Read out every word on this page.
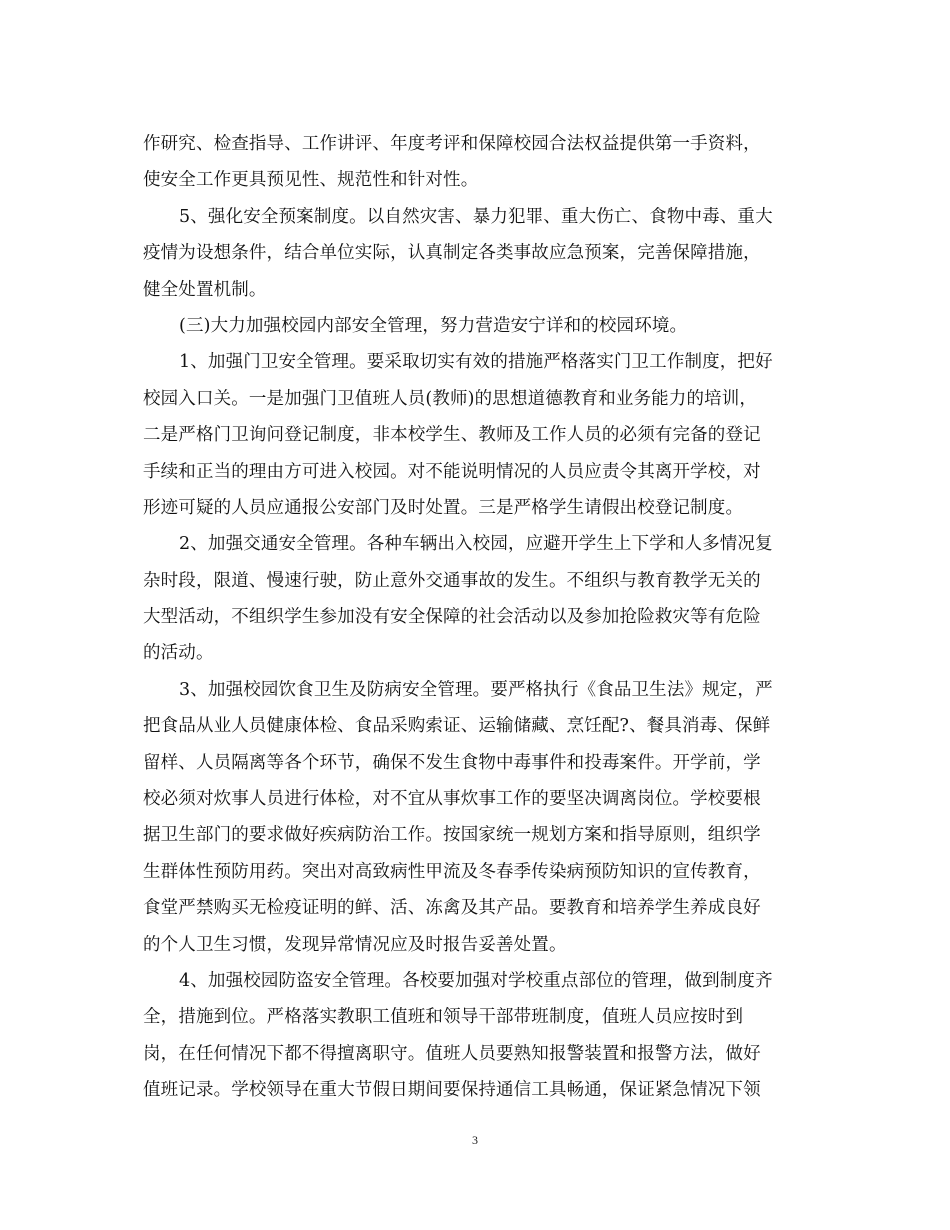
作研究、检查指导、工作讲评、年度考评和保障校园合法权益提供第一手资料，
使安全工作更具预见性、规范性和针对性。
5、强化安全预案制度。以自然灾害、暴力犯罪、重大伤亡、食物中毒、重大
疫情为设想条件，结合单位实际，认真制定各类事故应急预案，完善保障措施，
健全处置机制。
(三)大力加强校园内部安全管理，努力营造安宁详和的校园环境。
1、加强门卫安全管理。要采取切实有效的措施严格落实门卫工作制度，把好
校园入口关。一是加强门卫值班人员(教师)的思想道德教育和业务能力的培训，
二是严格门卫询问登记制度，非本校学生、教师及工作人员的必须有完备的登记
手续和正当的理由方可进入校园。对不能说明情况的人员应责令其离开学校，对
形迹可疑的人员应通报公安部门及时处置。三是严格学生请假出校登记制度。
2、加强交通安全管理。各种车辆出入校园，应避开学生上下学和人多情况复
杂时段，限道、慢速行驶，防止意外交通事故的发生。不组织与教育教学无关的
大型活动，不组织学生参加没有安全保障的社会活动以及参加抢险救灾等有危险
的活动。
3、加强校园饮食卫生及防病安全管理。要严格执行《食品卫生法》规定，严
把食品从业人员健康体检、食品采购索证、运输储藏、烹饪配?、餐具消毒、保鲜
留样、人员隔离等各个环节，确保不发生食物中毒事件和投毒案件。开学前，学
校必须对炊事人员进行体检，对不宜从事炊事工作的要坚决调离岗位。学校要根
据卫生部门的要求做好疾病防治工作。按国家统一规划方案和指导原则，组织学
生群体性预防用药。突出对高致病性甲流及冬春季传染病预防知识的宣传教育，
食堂严禁购买无检疫证明的鲜、活、冻禽及其产品。要教育和培养学生养成良好
的个人卫生习惯，发现异常情况应及时报告妥善处置。
4、加强校园防盗安全管理。各校要加强对学校重点部位的管理，做到制度齐
全，措施到位。严格落实教职工值班和领导干部带班制度，值班人员应按时到
岗，在任何情况下都不得擅离职守。值班人员要熟知报警装置和报警方法，做好
值班记录。学校领导在重大节假日期间要保持通信工具畅通，保证紧急情况下领
3
